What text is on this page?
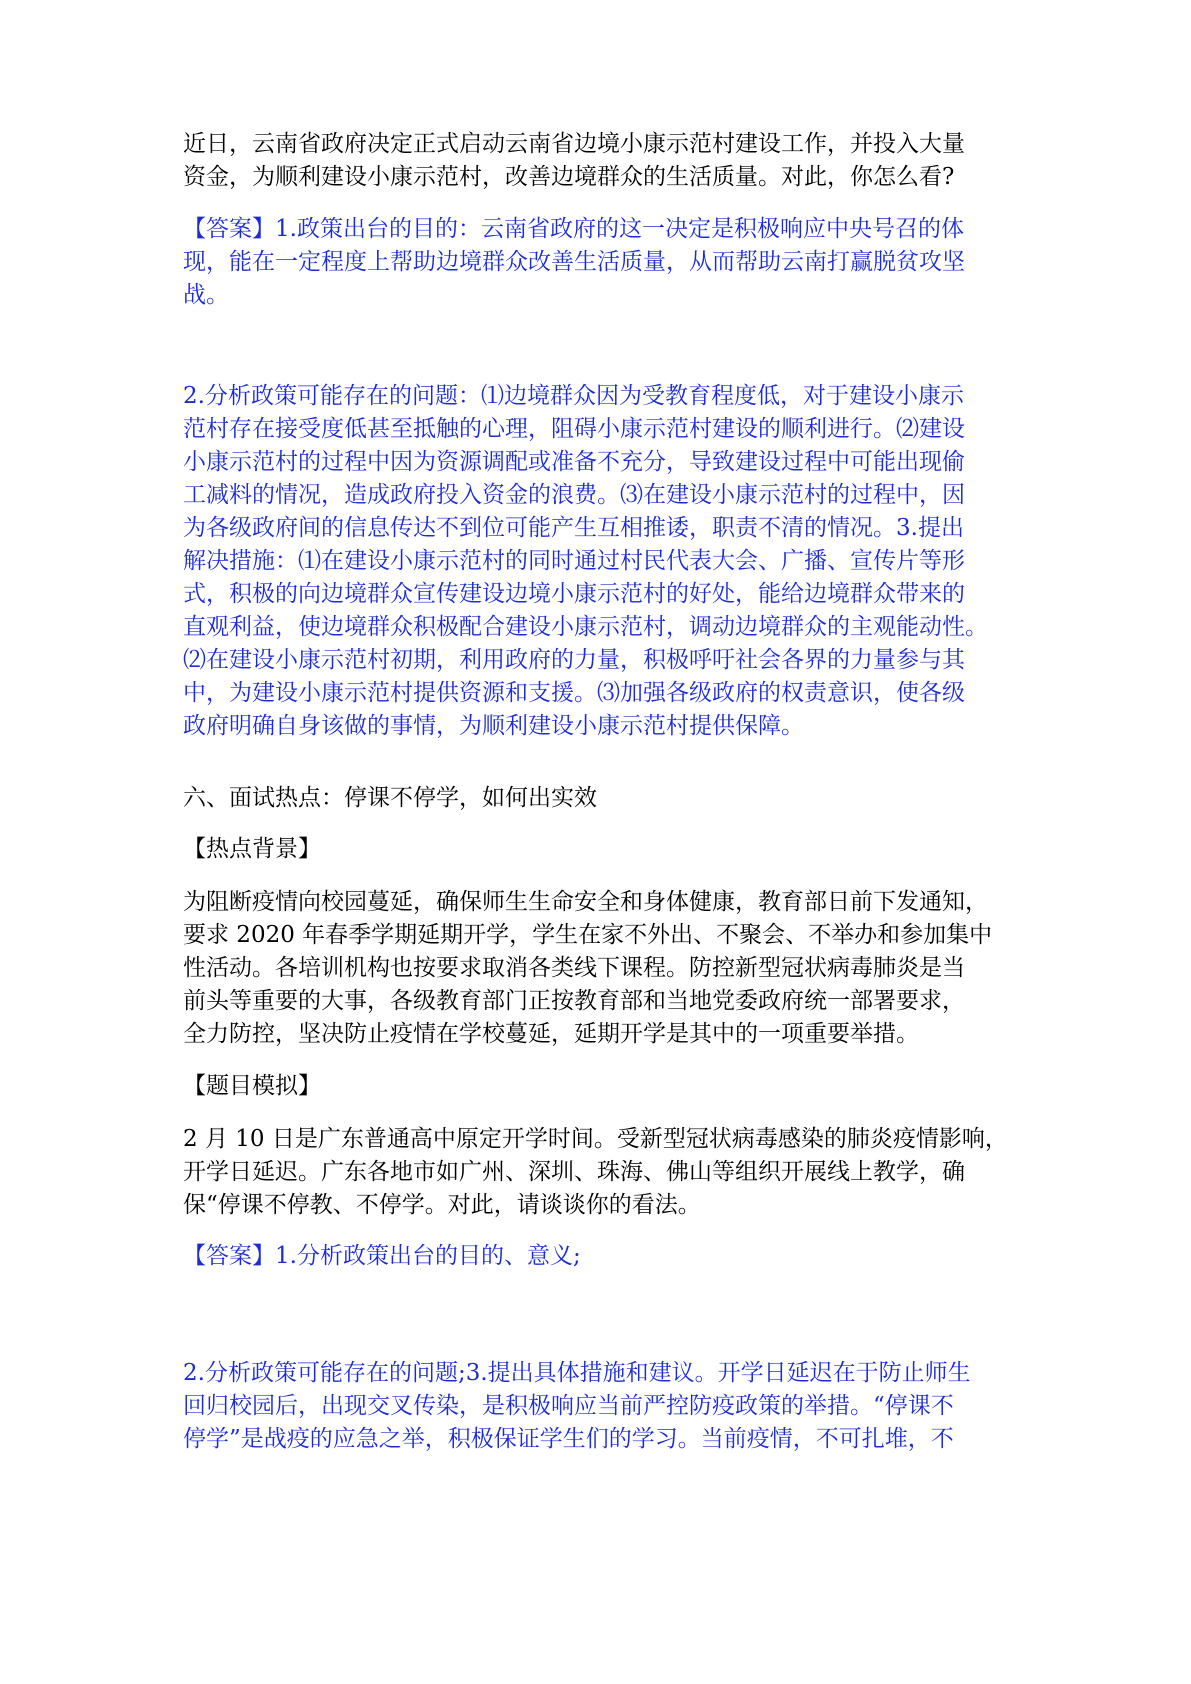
近日，云南省政府决定正式启动云南省边境小康示范村建设工作，并投入大量
资金，为顺利建设小康示范村，改善边境群众的生活质量。对此，你怎么看?
【答案】1.政策出台的目的：云南省政府的这一决定是积极响应中央号召的体
现，能在一定程度上帮助边境群众改善生活质量，从而帮助云南打赢脱贫攻坚
战。
2.分析政策可能存在的问题：⑴边境群众因为受教育程度低，对于建设小康示
范村存在接受度低甚至抵触的心理，阻碍小康示范村建设的顺利进行。⑵建设
小康示范村的过程中因为资源调配或准备不充分，导致建设过程中可能出现偷
工减料的情况，造成政府投入资金的浪费。⑶在建设小康示范村的过程中，因
为各级政府间的信息传达不到位可能产生互相推诿，职责不清的情况。3.提出
解决措施：⑴在建设小康示范村的同时通过村民代表大会、广播、宣传片等形
式，积极的向边境群众宣传建设边境小康示范村的好处，能给边境群众带来的
直观利益，使边境群众积极配合建设小康示范村，调动边境群众的主观能动性。
⑵在建设小康示范村初期，利用政府的力量，积极呼吁社会各界的力量参与其
中，为建设小康示范村提供资源和支援。⑶加强各级政府的权责意识，使各级
政府明确自身该做的事情，为顺利建设小康示范村提供保障。
六、面试热点：停课不停学，如何出实效
【热点背景】
为阻断疫情向校园蔓延，确保师生生命安全和身体健康，教育部日前下发通知，
要求 2020 年春季学期延期开学，学生在家不外出、不聚会、不举办和参加集中
性活动。各培训机构也按要求取消各类线下课程。防控新型冠状病毒肺炎是当
前头等重要的大事，各级教育部门正按教育部和当地党委政府统一部署要求，
全力防控，坚决防止疫情在学校蔓延，延期开学是其中的一项重要举措。
【题目模拟】
2 月 10 日是广东普通高中原定开学时间。受新型冠状病毒感染的肺炎疫情影响，
开学日延迟。广东各地市如广州、深圳、珠海、佛山等组织开展线上教学，确
保“停课不停教、不停学。对此，请谈谈你的看法。
【答案】1.分析政策出台的目的、意义;
2.分析政策可能存在的问题;3.提出具体措施和建议。开学日延迟在于防止师生
回归校园后，出现交叉传染，是积极响应当前严控防疫政策的举措。“停课不
停学”是战疫的应急之举，积极保证学生们的学习。当前疫情，不可扎堆，不
